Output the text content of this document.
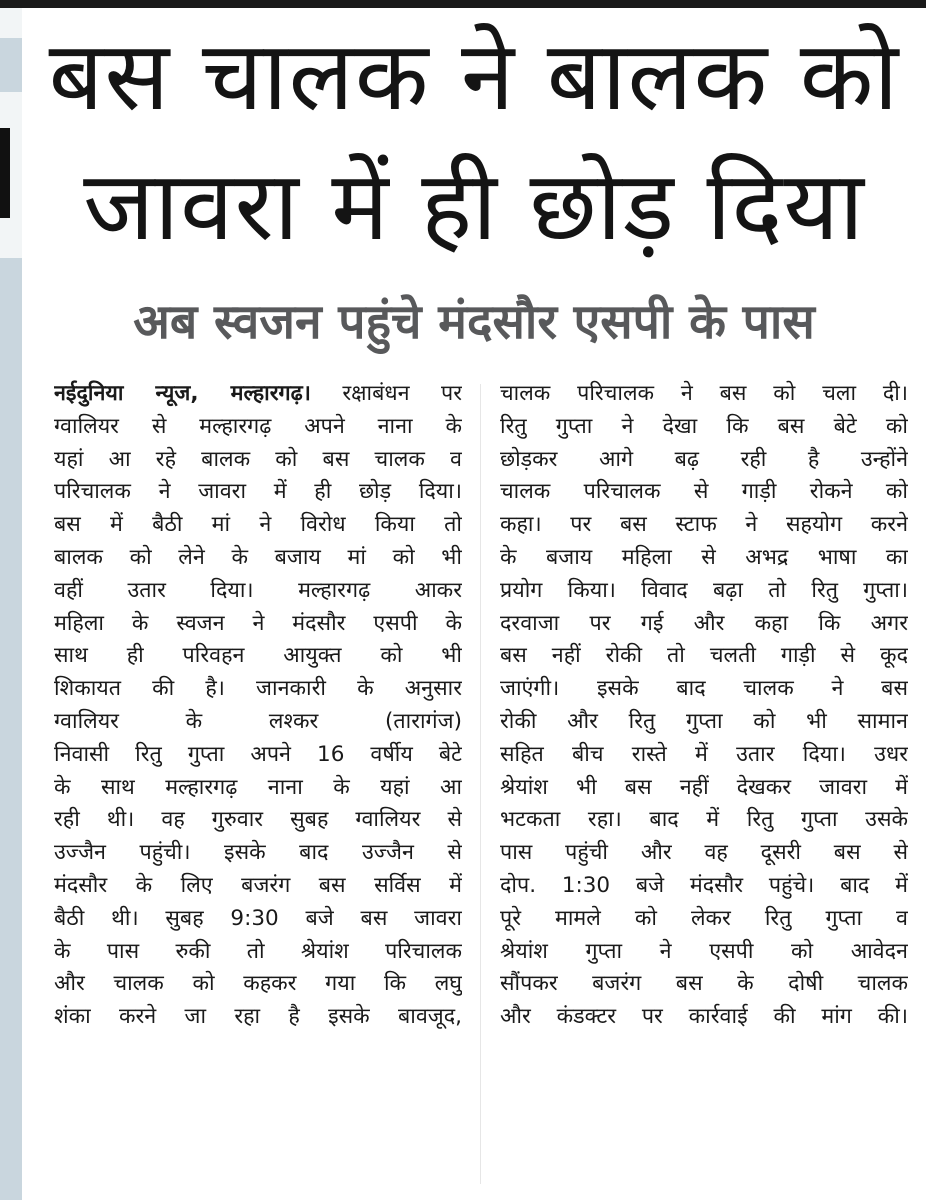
बस चालक ने बालक को
जावरा में ही छोड़ दिया
अब स्वजन पहुंचे मंदसौर एसपी के पास
नईदुनिया न्यूज, मल्हारगढ़। रक्षाबंधन पर
ग्वालियर से मल्हारगढ़ अपने नाना के
यहां आ रहे बालक को बस चालक व
परिचालक ने जावरा में ही छोड़ दिया।
बस में बैठी मां ने विरोध किया तो
बालक को लेने के बजाय मां को भी
वहीं उतार दिया। मल्हारगढ़ आकर
महिला के स्वजन ने मंदसौर एसपी के
साथ ही परिवहन आयुक्त को भी
शिकायत की है। जानकारी के अनुसार
ग्वालियर के लश्कर (तारागंज)
निवासी रितु गुप्ता अपने 16 वर्षीय बेटे
के साथ मल्हारगढ़ नाना के यहां आ
रही थी। वह गुरुवार सुबह ग्वालियर से
उज्जैन पहुंची। इसके बाद उज्जैन से
मंदसौर के लिए बजरंग बस सर्विस में
बैठी थी। सुबह 9:30 बजे बस जावरा
के पास रुकी तो श्रेयांश परिचालक
और चालक को कहकर गया कि लघु
शंका करने जा रहा है इसके बावजूद,
चालक परिचालक ने बस को चला दी।
रितु गुप्ता ने देखा कि बस बेटे को
छोड़कर आगे बढ़ रही है उन्होंने
चालक परिचालक से गाड़ी रोकने को
कहा। पर बस स्टाफ ने सहयोग करने
के बजाय महिला से अभद्र भाषा का
प्रयोग किया। विवाद बढ़ा तो रितु गुप्ता।
दरवाजा पर गई और कहा कि अगर
बस नहीं रोकी तो चलती गाड़ी से कूद
जाएंगी। इसके बाद चालक ने बस
रोकी और रितु गुप्ता को भी सामान
सहित बीच रास्ते में उतार दिया। उधर
श्रेयांश भी बस नहीं देखकर जावरा में
भटकता रहा। बाद में रितु गुप्ता उसके
पास पहुंची और वह दूसरी बस से
दोप. 1:30 बजे मंदसौर पहुंचे। बाद में
पूरे मामले को लेकर रितु गुप्ता व
श्रेयांश गुप्ता ने एसपी को आवेदन
सौंपकर बजरंग बस के दोषी चालक
और कंडक्टर पर कार्रवाई की मांग की।
